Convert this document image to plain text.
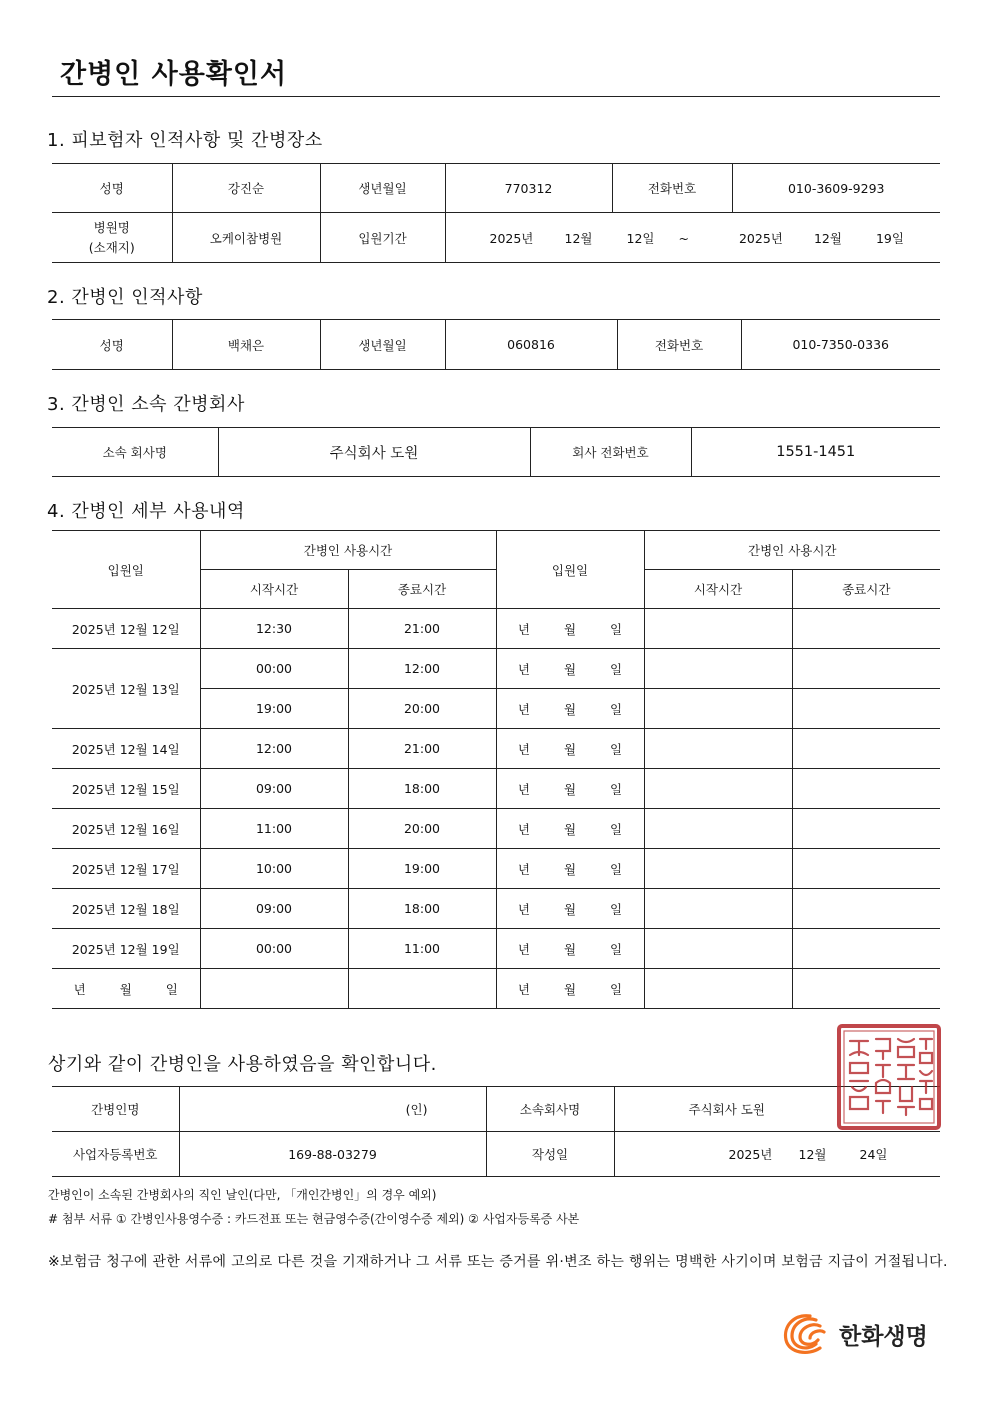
간병인 사용확인서
1. 피보험자 인적사항 및 간병장소
성명	강진순	생년월일	770312	전화번호	010-3609-9293

병원명
(소재지)	오케이참병원	입원기간	2025년 12월 12일 ~ 2025년 12월 19일		
2. 간병인 인적사항
성명	백채은	생년월일	060816	전화번호	010-7350-0336
3. 간병인 소속 간병회사
소속 회사명	주식회사 도원	회사 전화번호	1551-1451
4. 간병인 세부 사용내역
입원일	간병인 사용시간		입원일	간병인 사용시간	
	시작시간	종료시간		시작시간	종료시간
2025년 12월 12일	12:30	21:00	년 월 일		
2025년 12월 13일	00:00	12:00	년 월 일		
	19:00	20:00	년 월 일		
2025년 12월 14일	12:00	21:00	년 월 일		
2025년 12월 15일	09:00	18:00	년 월 일		
2025년 12월 16일	11:00	20:00	년 월 일		
2025년 12월 17일	10:00	19:00	년 월 일		
2025년 12월 18일	09:00	18:00	년 월 일		
2025년 12월 19일	00:00	11:00	년 월 일		
년 월 일			년 월 일		
상기와 같이 간병인을 사용하였음을 확인합니다.
간병인명	(인)	소속회사명	주식회사 도원
사업자등록번호	169-88-03279	작성일	2025년 12월 24일
간병인이 소속된 간병회사의 직인 날인(다만, 「개인간병인」의 경우 예외)
# 첨부 서류 ① 간병인사용영수증 : 카드전표 또는 현금영수증(간이영수증 제외) ② 사업자등록증 사본
※보험금 청구에 관한 서류에 고의로 다른 것을 기재하거나 그 서류 또는 증거를 위·변조 하는 행위는 명백한 사기이며 보험금 지급이 거절됩니다.
한화생명
